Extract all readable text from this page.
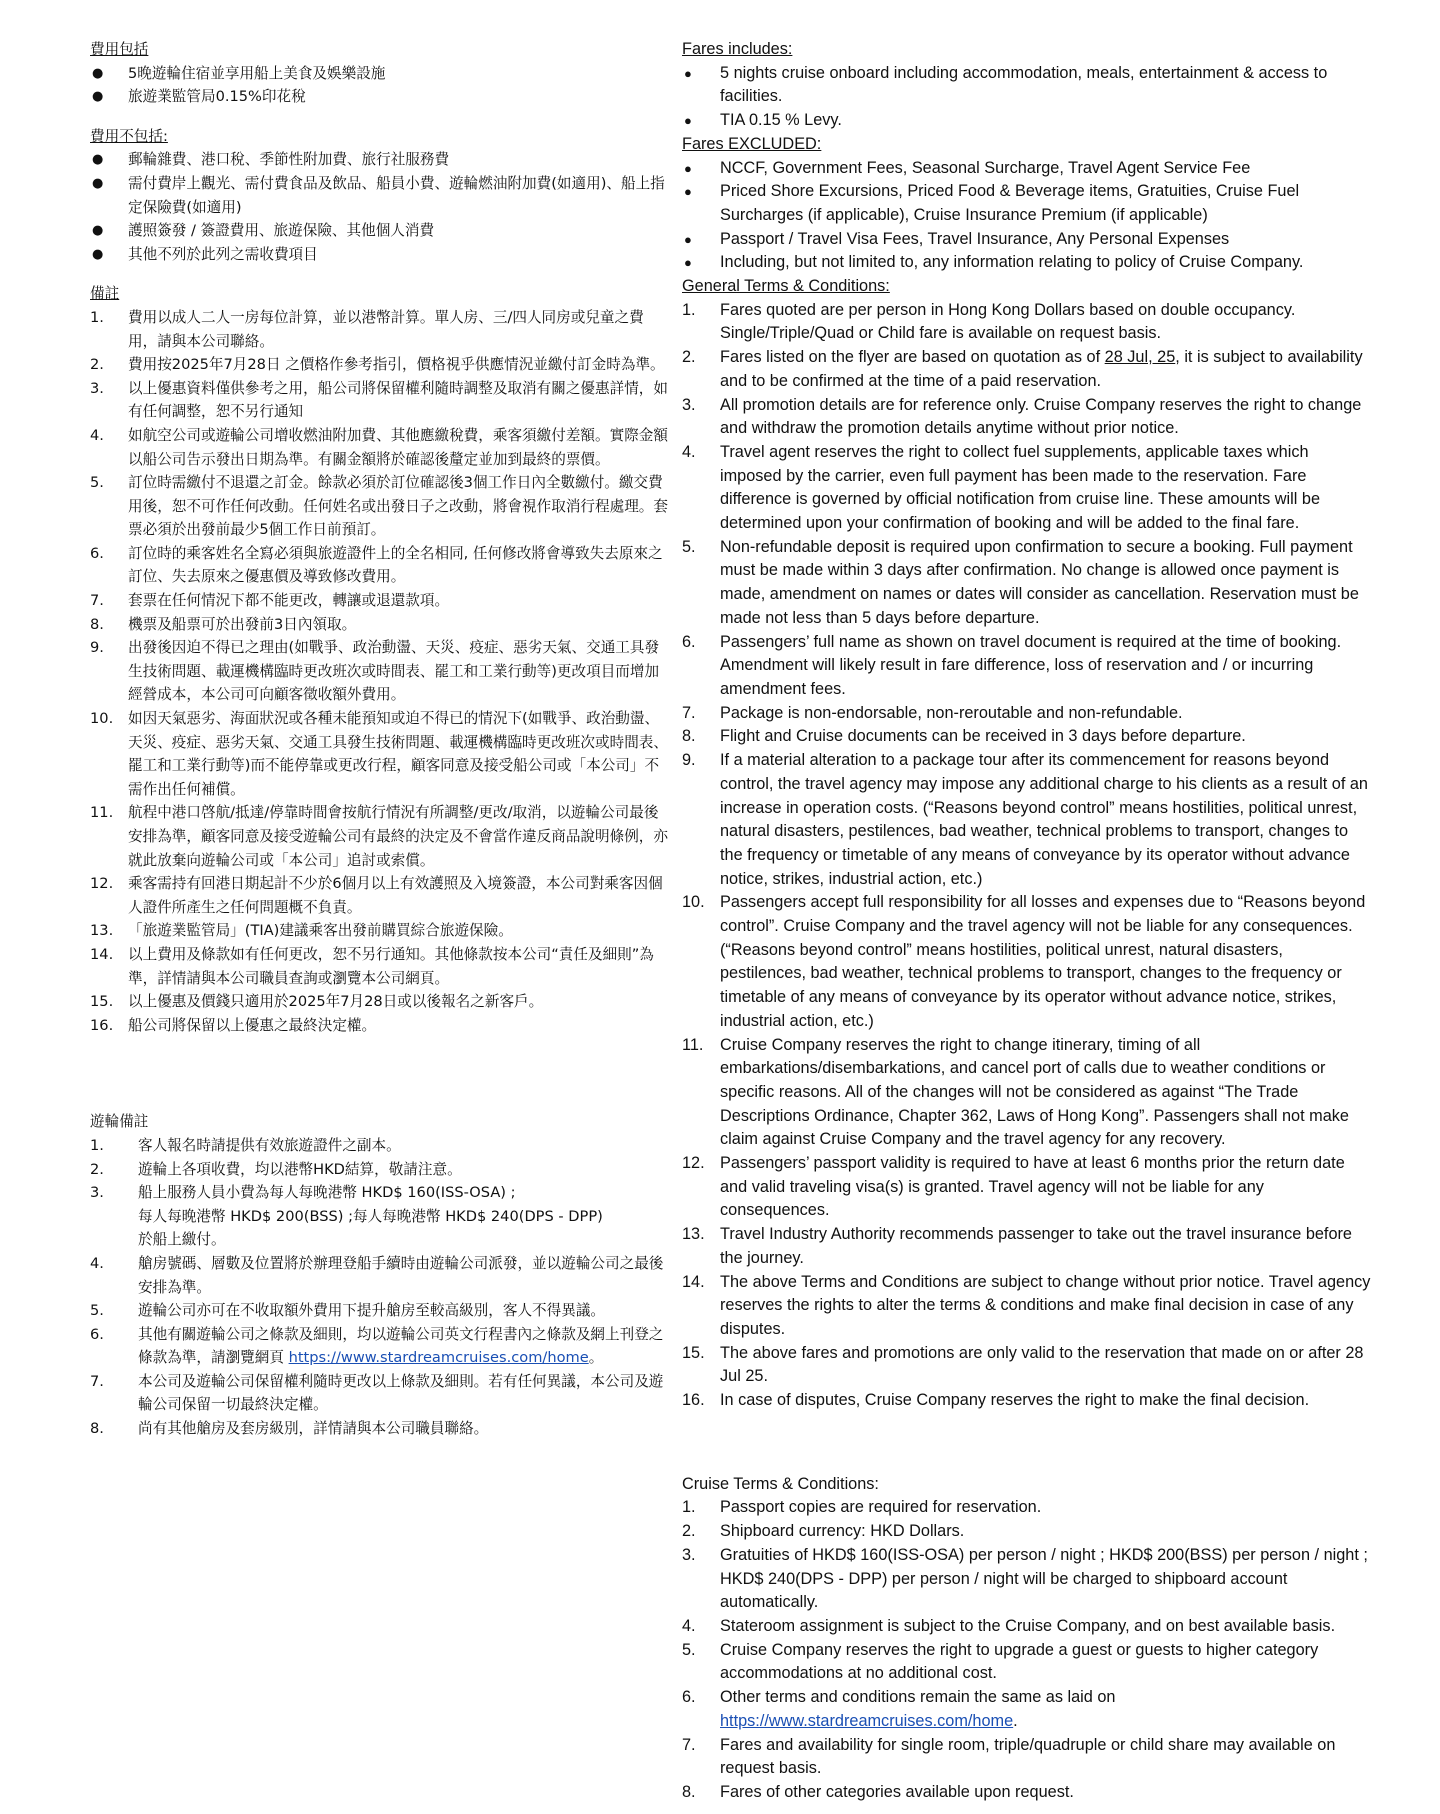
費用包括
● 5晚遊輪住宿並享用船上美食及娛樂設施
● 旅遊業監管局0.15%印花稅
費用不包括:
● 郵輪雜費、港口稅、季節性附加費、旅行社服務費
● 需付費岸上觀光、需付費食品及飲品、船員小費、遊輪燃油附加費(如適用)、船上指定保險費(如適用)
● 護照簽發 / 簽證費用、旅遊保險、其他個人消費
● 其他不列於此列之需收費項目
備註
1. 費用以成人二人一房每位計算，並以港幣計算。單人房、三/四人同房或兒童之費用，請與本公司聯絡。
2. 費用按2025年7月28日 之價格作參考指引，價格視乎供應情況並繳付訂金時為準。
3. 以上優惠資料僅供參考之用，船公司將保留權利隨時調整及取消有關之優惠詳情，如 有任何調整，恕不另行通知
4. 如航空公司或遊輪公司增收燃油附加費、其他應繳稅費，乘客須繳付差額。實際金額以船公司告示發出日期為準。有關金額將於確認後釐定並加到最終的票價。
5. 訂位時需繳付不退還之訂金。餘款必須於訂位確認後3個工作日內全數繳付。繳交費用後，恕不可作任何改動。任何姓名或出發日子之改動，將會視作取消行程處理。套票必須於出發前最少5個工作日前預訂。
6. 訂位時的乘客姓名全寫必須與旅遊證件上的全名相同, 任何修改將會導致失去原來之訂位、失去原來之優惠價及導致修改費用。
7. 套票在任何情況下都不能更改，轉讓或退還款項。
8. 機票及船票可於出發前3日內領取。
9. 出發後因迫不得已之理由(如戰爭、政治動盪、天災、疫症、惡劣天氣、交通工具發生技術問題、載運機構臨時更改班次或時間表、罷工和工業行動等)更改項目而增加經營成本，本公司可向顧客徵收額外費用。
10. 如因天氣惡劣、海面狀況或各種未能預知或迫不得已的情況下(如戰爭、政治動盪、天災、疫症、惡劣天氣、交通工具發生技術問題、載運機構臨時更改班次或時間表、罷工和工業行動等)而不能停靠或更改行程，顧客同意及接受船公司或「本公司」不需作出任何補償。
11. 航程中港口啓航/抵達/停靠時間會按航行情況有所調整/更改/取消，以遊輪公司最後安排為準，顧客同意及接受遊輪公司有最終的決定及不會當作違反商品說明條例，亦就此放棄向遊輪公司或「本公司」追討或索償。
12. 乘客需持有回港日期起計不少於6個月以上有效護照及入境簽證，本公司對乘客因個人證件所產生之任何問題概不負責。
13. 「旅遊業監管局」(TIA)建議乘客出發前購買綜合旅遊保險。
14. 以上費用及條款如有任何更改，恕不另行通知。其他條款按本公司“責任及細則”為準，詳情請與本公司職員查詢或瀏覽本公司網頁。
15. 以上優惠及價錢只適用於2025年7月28日或以後報名之新客戶。
16. 船公司將保留以上優惠之最終決定權。
遊輪備註
1. 客人報名時請提供有效旅遊證件之副本。
2. 遊輪上各項收費，均以港幣HKD結算，敬請注意。
3. 船上服務人員小費為每人每晚港幣 HKD$ 160(ISS-OSA) ;
每人每晚港幣 HKD$ 200(BSS) ;每人每晚港幣 HKD$ 240(DPS - DPP)
於船上繳付。
4. 艙房號碼、層數及位置將於辦理登船手續時由遊輪公司派發，並以遊輪公司之最後安排為準。
5. 遊輪公司亦可在不收取額外費用下提升艙房至較高級別，客人不得異議。
6. 其他有關遊輪公司之條款及細則，均以遊輪公司英文行程書內之條款及網上刊登之條款為準，請瀏覽網頁 https://www.stardreamcruises.com/home。
7. 本公司及遊輪公司保留權利隨時更改以上條款及細則。若有任何異議，本公司及遊輪公司保留一切最終決定權。
8. 尚有其他艙房及套房級別，詳情請與本公司職員聯絡。
Fares includes:
● 5 nights cruise onboard including accommodation, meals, entertainment & access to facilities.
● TIA 0.15 % Levy.
Fares EXCLUDED:
● NCCF, Government Fees, Seasonal Surcharge, Travel Agent Service Fee
● Priced Shore Excursions, Priced Food & Beverage items, Gratuities, Cruise Fuel Surcharges (if applicable), Cruise Insurance Premium (if applicable)
● Passport / Travel Visa Fees, Travel Insurance, Any Personal Expenses
● Including, but not limited to, any information relating to policy of Cruise Company.
General Terms & Conditions:
1. Fares quoted are per person in Hong Kong Dollars based on double occupancy. Single/Triple/Quad or Child fare is available on request basis.
2. Fares listed on the flyer are based on quotation as of 28 Jul, 25, it is subject to availability and to be confirmed at the time of a paid reservation.
3. All promotion details are for reference only. Cruise Company reserves the right to change and withdraw the promotion details anytime without prior notice.
4. Travel agent reserves the right to collect fuel supplements, applicable taxes which imposed by the carrier, even full payment has been made to the reservation. Fare difference is governed by official notification from cruise line. These amounts will be determined upon your confirmation of booking and will be added to the final fare.
5. Non-refundable deposit is required upon confirmation to secure a booking. Full payment must be made within 3 days after confirmation. No change is allowed once payment is made, amendment on names or dates will consider as cancellation. Reservation must be made not less than 5 days before departure.
6. Passengers’ full name as shown on travel document is required at the time of booking. Amendment will likely result in fare difference, loss of reservation and / or incurring amendment fees.
7. Package is non-endorsable, non-reroutable and non-refundable.
8. Flight and Cruise documents can be received in 3 days before departure.
9. If a material alteration to a package tour after its commencement for reasons beyond control, the travel agency may impose any additional charge to his clients as a result of an increase in operation costs. (“Reasons beyond control” means hostilities, political unrest, natural disasters, pestilences, bad weather, technical problems to transport, changes to the frequency or timetable of any means of conveyance by its operator without advance notice, strikes, industrial action, etc.)
10. Passengers accept full responsibility for all losses and expenses due to “Reasons beyond control”. Cruise Company and the travel agency will not be liable for any consequences. (“Reasons beyond control” means hostilities, political unrest, natural disasters, pestilences, bad weather, technical problems to transport, changes to the frequency or timetable of any means of conveyance by its operator without advance notice, strikes, industrial action, etc.)
11. Cruise Company reserves the right to change itinerary, timing of all embarkations/disembarkations, and cancel port of calls due to weather conditions or specific reasons. All of the changes will not be considered as against “The Trade Descriptions Ordinance, Chapter 362, Laws of Hong Kong”. Passengers shall not make claim against Cruise Company and the travel agency for any recovery.
12. Passengers’ passport validity is required to have at least 6 months prior the return date and valid traveling visa(s) is granted. Travel agency will not be liable for any consequences.
13. Travel Industry Authority recommends passenger to take out the travel insurance before the journey.
14. The above Terms and Conditions are subject to change without prior notice. Travel agency reserves the rights to alter the terms & conditions and make final decision in case of any disputes.
15. The above fares and promotions are only valid to the reservation that made on or after 28 Jul 25.
16. In case of disputes, Cruise Company reserves the right to make the final decision.
Cruise Terms & Conditions:
1. Passport copies are required for reservation.
2. Shipboard currency: HKD Dollars.
3. Gratuities of HKD$ 160(ISS-OSA) per person / night ; HKD$ 200(BSS) per person / night ; HKD$ 240(DPS - DPP) per person / night will be charged to shipboard account automatically.
4. Stateroom assignment is subject to the Cruise Company, and on best available basis.
5. Cruise Company reserves the right to upgrade a guest or guests to higher category accommodations at no additional cost.
6. Other terms and conditions remain the same as laid on
https://www.stardreamcruises.com/home.
7. Fares and availability for single room, triple/quadruple or child share may available on request basis.
8. Fares of other categories available upon request.
